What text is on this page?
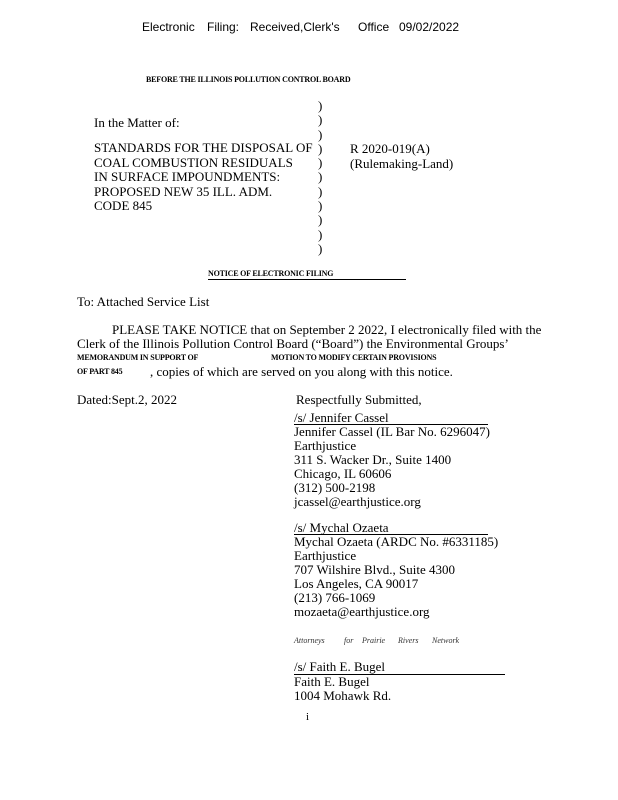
Electronic Filing: Received,Clerk's Office 09/02/2022
BEFORE THE ILLINOIS POLLUTION CONTROL BOARD
In the Matter of:
STANDARDS FOR THE DISPOSAL OF
COAL COMBUSTION RESIDUALS
IN SURFACE IMPOUNDMENTS:
PROPOSED NEW 35 ILL. ADM.
CODE 845
)
)
)
)
)
)
)
)
)
)
)
R 2020-019(A)
(Rulemaking-Land)
NOTICE OF ELECTRONIC FILING
To: Attached Service List
PLEASE TAKE NOTICE that on September 2 2022, I electronically filed with the
Clerk of the Illinois Pollution Control Board (“Board”) the Environmental Groups’
MEMORANDUM IN SUPPORT OF	MOTION TO MODIFY CERTAIN PROVISIONS
OF PART 845 , copies of which are served on you along with this notice.
Dated:Sept.2, 2022	Respectfully Submitted,
/s/ Jennifer Cassel
Jennifer Cassel (IL Bar No. 6296047)
Earthjustice
311 S. Wacker Dr., Suite 1400
Chicago, IL 60606
(312) 500-2198
jcassel@earthjustice.org
/s/ Mychal Ozaeta
Mychal Ozaeta (ARDC No. #6331185)
Earthjustice
707 Wilshire Blvd., Suite 4300
Los Angeles, CA 90017
(213) 766-1069
mozaeta@earthjustice.org
Attorneys for Prairie Rivers Network
/s/ Faith E. Bugel
Faith E. Bugel
1004 Mohawk Rd.
i
